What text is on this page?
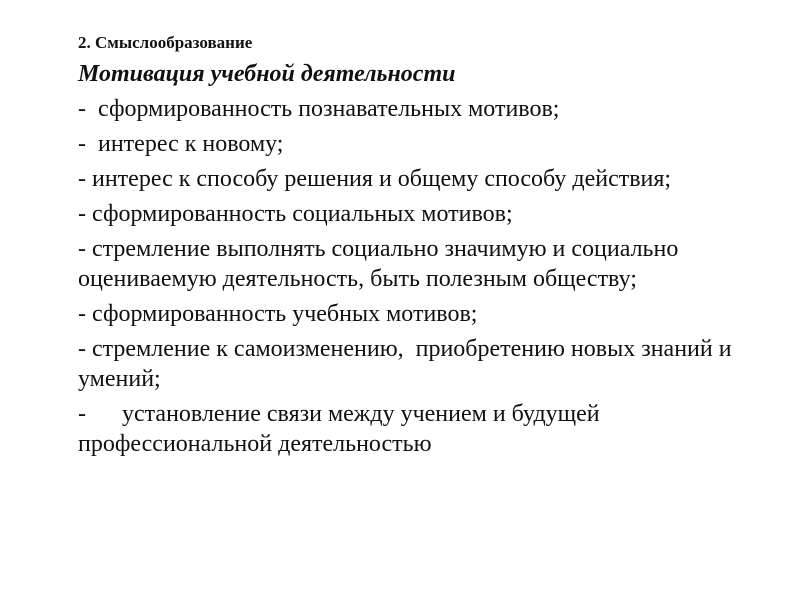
2. Смыслообразование
Мотивация учебной деятельности
-  сформированность познавательных мотивов;
-  интерес к новому;
- интерес к способу решения и общему способу действия;
- сформированность социальных мотивов;
- стремление выполнять социально значимую и социально оцениваемую деятельность, быть полезным обществу;
- сформированность учебных мотивов;
- стремление к самоизменению,  приобретению новых знаний и умений;
-      установление связи между учением и будущей профессиональной деятельностью
